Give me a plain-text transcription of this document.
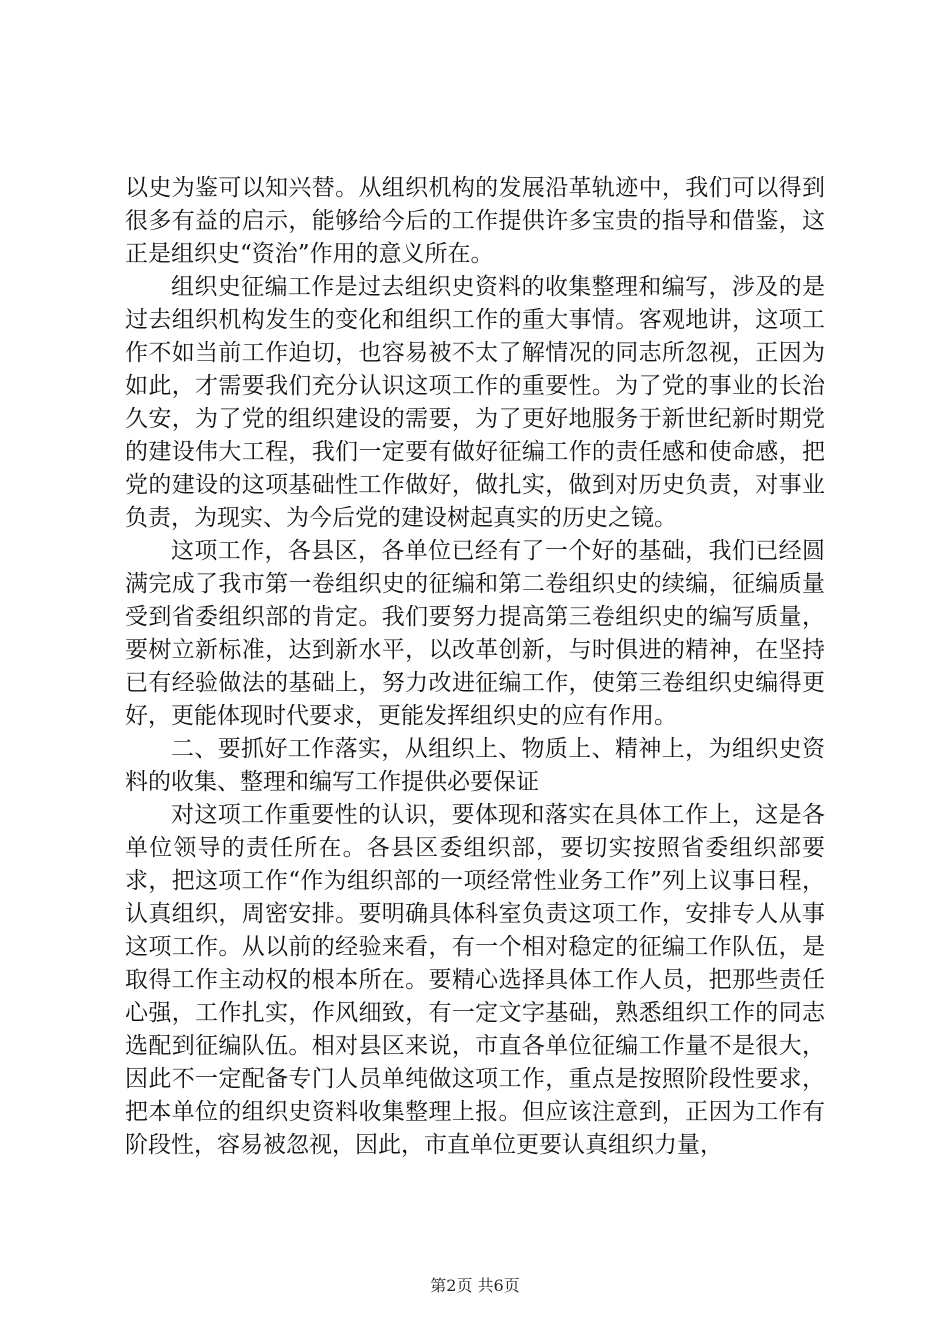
以史为鉴可以知兴替。从组织机构的发展沿革轨迹中，我们可以得到很多有益的启示，能够给今后的工作提供许多宝贵的指导和借鉴，这正是组织史“资治”作用的意义所在。

组织史征编工作是过去组织史资料的收集整理和编写，涉及的是过去组织机构发生的变化和组织工作的重大事情。客观地讲，这项工作不如当前工作迫切，也容易被不太了解情况的同志所忽视，正因为如此，才需要我们充分认识这项工作的重要性。为了党的事业的长治久安，为了党的组织建设的需要，为了更好地服务于新世纪新时期党的建设伟大工程，我们一定要有做好征编工作的责任感和使命感，把党的建设的这项基础性工作做好，做扎实，做到对历史负责，对事业负责，为现实、为今后党的建设树起真实的历史之镜。

这项工作，各县区，各单位已经有了一个好的基础，我们已经圆满完成了我市第一卷组织史的征编和第二卷组织史的续编，征编质量受到省委组织部的肯定。我们要努力提高第三卷组织史的编写质量，要树立新标准，达到新水平，以改革创新，与时俱进的精神，在坚持已有经验做法的基础上，努力改进征编工作，使第三卷组织史编得更好，更能体现时代要求，更能发挥组织史的应有作用。

二、要抓好工作落实，从组织上、物质上、精神上，为组织史资料的收集、整理和编写工作提供必要保证

对这项工作重要性的认识，要体现和落实在具体工作上，这是各单位领导的责任所在。各县区委组织部，要切实按照省委组织部要求，把这项工作“作为组织部的一项经常性业务工作”列上议事日程，认真组织，周密安排。要明确具体科室负责这项工作，安排专人从事这项工作。从以前的经验来看，有一个相对稳定的征编工作队伍，是取得工作主动权的根本所在。要精心选择具体工作人员，把那些责任心强，工作扎实，作风细致，有一定文字基础，熟悉组织工作的同志选配到征编队伍。相对县区来说，市直各单位征编工作量不是很大，因此不一定配备专门人员单纯做这项工作，重点是按照阶段性要求，把本单位的组织史资料收集整理上报。但应该注意到，正因为工作有阶段性，容易被忽视，因此，市直单位更要认真组织力量，

第2页 共6页
